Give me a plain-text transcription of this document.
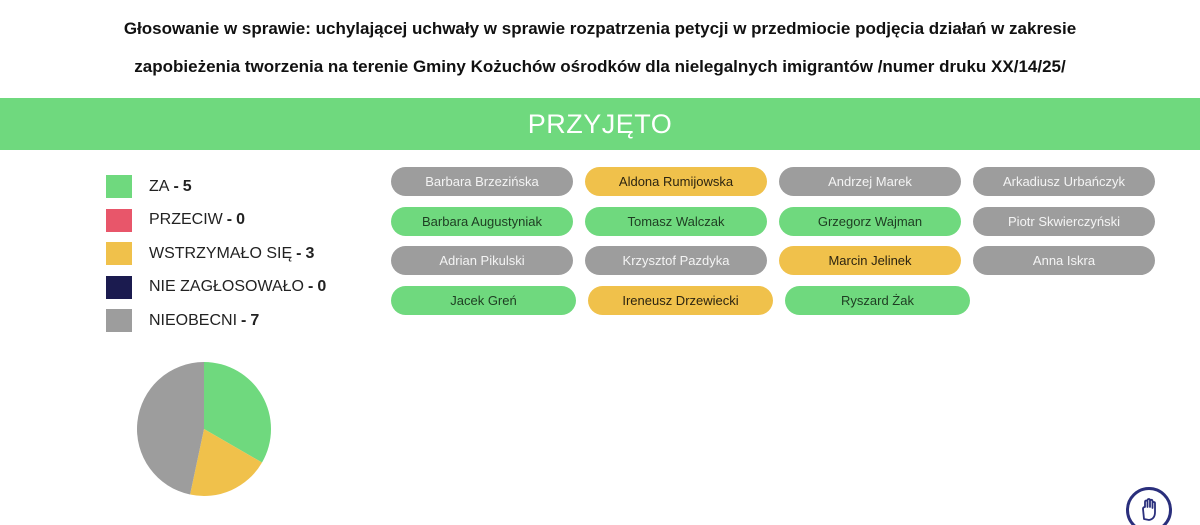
Głosowanie w sprawie: uchylającej uchwały w sprawie rozpatrzenia petycji w przedmiocie podjęcia działań w zakresie
zapobieżenia tworzenia na terenie Gminy Kożuchów ośrodków dla nielegalnych imigrantów /numer druku XX/14/25/
PRZYJĘTO
ZA - 5
PRZECIW - 0
WSTRZYMAŁO SIĘ - 3
NIE ZAGŁOSOWAŁO - 0
NIEOBECNI - 7
Barbara Brzezińska	Aldona Rumijowska	Andrzej Marek	Arkadiusz Urbańczyk
Barbara Augustyniak	Tomasz Walczak	Grzegorz Wajman	Piotr Skwierczyński
Adrian Pikulski	Krzysztof Pazdyka	Marcin Jelinek	Anna Iskra
Jacek Greń	Ireneusz Drzewiecki	Ryszard Żak
